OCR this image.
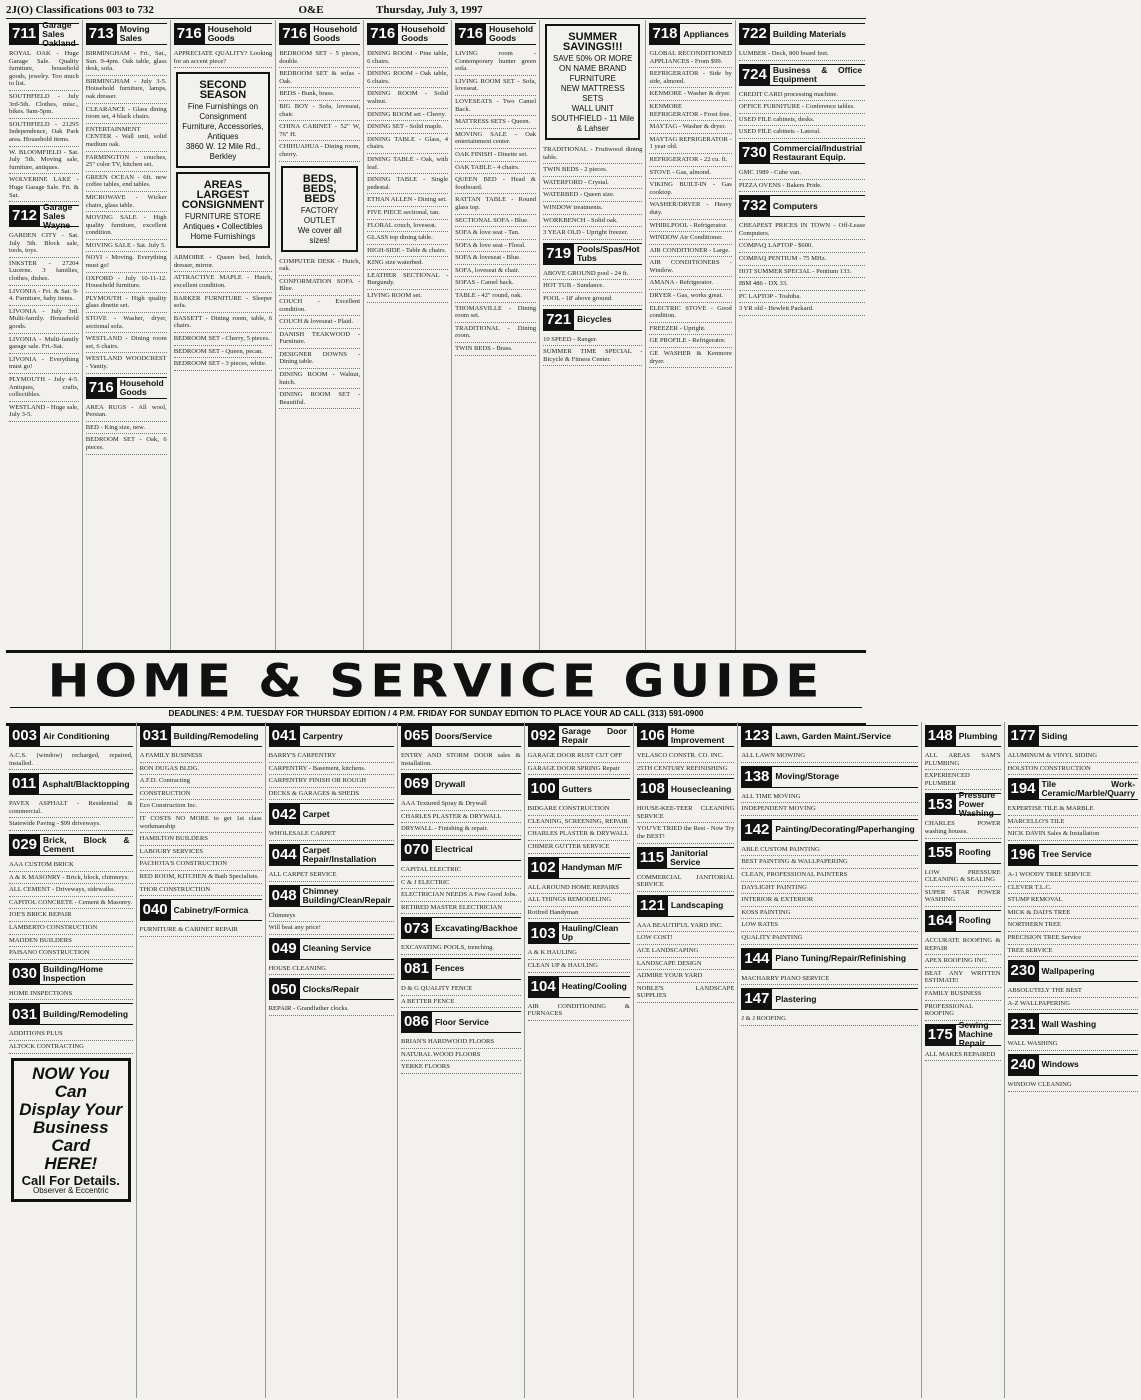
2J(O) Classifications 003 to 732	O&E	Thursday, July 3, 1997
711
Garage Sales Oakland

ROYAL OAK - Huge Garage Sale. Quality furniture, household goods, jewelry. Too much to list.

SOUTHFIELD - July 3rd-5th. Clothes, misc., bikes. 9am-5pm.

SOUTHFIELD - 21295 Independence, Oak Park area. Household items.

W. BLOOMFIELD - Sat. July 5th. Moving sale, furniture, antiques.

WOLVERINE LAKE - Huge Garage Sale. Fri. & Sat.

712
Garage Sales Wayne

GARDEN CITY - Sat. July 5th. Block sale, tools, toys.

INKSTER - 27204 Lucerne. 3 families, clothes, dishes.

LIVONIA - Fri. & Sat. 9-4. Furniture, baby items.

LIVONIA - July 3rd. Multi-family. Household goods.

LIVONIA - Multi-family garage sale. Fri.-Sat.

LIVONIA - Everything must go!

PLYMOUTH - July 4-5. Antiques, crafts, collectibles.

WESTLAND - Huge sale, July 3-5.

713 Moving Sales

BIRMINGHAM - Fri., Sat., Sun. 9-4pm. Oak table, glass desk, sofa.

BIRMINGHAM - July 3-5. Household furniture, lamps, oak dresser.

CLEARANCE - Glass dining room set, 4 black chairs.

ENTERTAINMENT CENTER - Wall unit, solid medium oak.

FARMINGTON - couches, 25" color TV, kitchen set.

GREEN OCEAN - 6ft. new coffee tables, end tables.

MICROWAVE - Wicker chairs, glass table.

MOVING SALE - High quality furniture, excellent condition.

MOVING SALE - Sat. July 5.

NOVI - Moving. Everything must go!

OXFORD - July 10-11-12. Household furniture.

PLYMOUTH - High quality glass dinette set.

STOVE - Washer, dryer, sectional sofa.

WESTLAND - Dining room set, 6 chairs.

WESTLAND WOODCREST - Vanity.

716 Household Goods

AREA RUGS - All wool, Persian.

BED - King size, new.

BEDROOM SET - Oak, 6 pieces.

716 Household Goods

APPRECIATE QUALITY? Looking for an accent piece?

SECOND SEASON
Fine Furnishings on Consignment
Furniture, Accessories, Antiques
3860 W. 12 Mile Rd., Berkley
AREAS LARGEST CONSIGNMENT
FURNITURE STORE
Antiques • Collectibles
Home Furnishings

ARMOIRE - Queen bed, hutch, dresser, mirror.

ATTRACTIVE MAPLE - Hutch, excellent condition.

BARKER FURNITURE - Sleeper sofa.

BASSETT - Dining room, table, 6 chairs.

BEDROOM SET - Cherry, 5 pieces.

BEDROOM SET - Queen, pecan.

BEDROOM SET - 3 pieces, white.

716 Household Goods

BEDROOM SET - 5 pieces, double.

BEDROOM SET & sofas - Oak.

BEDS - Bunk, brass.

BIG BOY - Sofa, loveseat, chair.

CHINA CABINET - 52" W, 76" H.

CHIHUAHUA - Dining room, cherry.

BEDS, BEDS, BEDS
FACTORY OUTLET
We cover all sizes!

COMPUTER DESK - Hutch, oak.

CONFORMATION SOFA - Blue.

COUCH - Excellent condition.

COUCH & loveseat - Plaid.

DANISH TEAKWOOD - Furniture.

DESIGNER DOWNS - Dining table.

DINING ROOM - Walnut, hutch.

DINING ROOM SET - Beautiful.

716 Household Goods

DINING ROOM - Pine table, 6 chairs.

DINING ROOM - Oak table, 6 chairs.

DINING ROOM - Solid walnut.

DINING ROOM set - Cherry.

DINING SET - Solid maple.

DINING TABLE - Glass, 4 chairs.

DINING TABLE - Oak, with leaf.

DINING TABLE - Single pedestal.

ETHAN ALLEN - Dining set.

FIVE PIECE sectional, tan.

FLORAL couch, loveseat.

GLASS top dining table.

HIGH-SIDE - Table & chairs.

KING size waterbed.

LEATHER SECTIONAL - Burgundy.

LIVING ROOM set.

716 Household Goods

LIVING room - Contemporary hunter green sofa.

LIVING ROOM SET - Sofa, loveseat.

LOVESEATS - Two Camel Back.

MATTRESS SETS - Queen.

MOVING SALE - Oak entertainment center.

OAK FINISH - Dinette set.

OAK TABLE - 4 chairs.

QUEEN BED - Head & footboard.

RATTAN TABLE - Round glass top.

SECTIONAL SOFA - Blue.

SOFA & love seat - Tan.

SOFA & love seat - Floral.

SOFA & loveseat - Blue.

SOFA, loveseat & chair.

SOFAS - Camel back.

TABLE - 42" round, oak.

THOMASVILLE - Dining room set.

TRADITIONAL - Dining room.

TWIN BEDS - Brass.

SUMMER SAVINGS!!!
SAVE 50% OR MORE ON NAME BRAND FURNITURE
NEW MATTRESS SETS
WALL UNIT
SOUTHFIELD - 11 Mile & Lahser

TRADITIONAL - Fruitwood dining table.

TWIN BEDS - 2 pieces.

WATERFORD - Crystal.

WATERBED - Queen size.

WINDOW treatments.

WORKBENCH - Solid oak.

3 YEAR OLD - Upright freezer.

719 Pools/Spas/Hot Tubs

ABOVE GROUND pool - 24 ft.

HOT TUB - Sundance.

POOL - 18' above ground.

721 Bicycles

10 SPEED - Ranger.

SUMMER TIME SPECIAL - Bicycle & Fitness Center.

718 Appliances

GLOBAL RECONDITIONED APPLIANCES - From $99.

REFRIGERATOR - Side by side, almond.

KENMORE - Washer & dryer.

KENMORE REFRIGERATOR - Frost free.

MAYTAG - Washer & dryer.

MAYTAG REFRIGERATOR - 1 year old.

REFRIGERATOR - 22 cu. ft.

STOVE - Gas, almond.

VIKING BUILT-IN - Gas cooktop.

WASHER/DRYER - Heavy duty.

WHIRLPOOL - Refrigerator.

WINDOW Air Conditioner.

AIR CONDITIONER - Large.

AIR CONDITIONERS - Window.

AMANA - Refrigerator.

DRYER - Gas, works great.

ELECTRIC STOVE - Good condition.

FREEZER - Upright.

GE PROFILE - Refrigerator.

GE WASHER & Kenmore dryer.

722 Building Materials

LUMBER - Deck, 800 board feet.

724 Business & Office Equipment

CREDIT CARD processing machine.

OFFICE FURNITURE - Conference tables.

USED FILE cabinets, desks.

USED FILE cabinets - Lateral.

730 Commercial/Industrial Restaurant Equip.

GMC 1989 - Cube van.

PIZZA OVENS - Bakers Pride.

732 Computers

CHEAPEST PRICES IN TOWN - Off-Lease Computers.

COMPAQ LAPTOP - $600.

COMPAQ PENTIUM - 75 MHz.

HOT SUMMER SPECIAL - Pentium 133.

IBM 486 - DX 33.

PC LAPTOP - Toshiba.

3 YR old - Hewlett Packard.

HOME & SERVICE GUIDE
DEADLINES: 4 P.M. TUESDAY FOR THURSDAY EDITION / 4 P.M. FRIDAY FOR SUNDAY EDITION TO PLACE YOUR AD CALL (313) 591-0900
003 Air Conditioning

A.C.S. (window) recharged, repaired, installed.

011 Asphalt/Blacktopping

PAVEX ASPHALT - Residential & commercial.

Statewide Paving - $99 driveways.

029 Brick, Block & Cement

AAA CUSTOM BRICK

A & K MASONRY - Brick, block, chimneys.

ALL CEMENT - Driveways, sidewalks.

CAPITOL CONCRETE - Cement & Masonry.

JOE'S BRICK REPAIR

LAMBERTO CONSTRUCTION

MADDEN BUILDERS

PAISANO CONSTRUCTION

030 Building/Home Inspection

HOME INSPECTIONS

031 Building/Remodeling

ADDITIONS PLUS

ALTOCK CONTRACTING

NOW You Can
Display Your
Business Card
HERE!
Call For Details.
Observer & Eccentric
031 Building/Remodeling

A FAMILY BUSINESS

RON DUGAS BLDG.

A.F.D. Contracting

CONSTRUCTION

Eco Construction Inc.

IT COSTS NO MORE to get 1st class workmanship

HAMILTON BUILDERS

LABOURY SERVICES

PACHOTA'S CONSTRUCTION

RED ROOM, KITCHEN & Bath Specialists.

THOR CONSTRUCTION

040 Cabinetry/Formica

FURNITURE & CABINET REPAIR

041 Carpentry

BARRY'S CARPENTRY

CARPENTRY - Basement, kitchens.

CARPENTRY FINISH OR ROUGH

DECKS & GARAGES & SHEDS

042 Carpet

WHOLESALE CARPET

044 Carpet Repair/Installation

ALL CARPET SERVICE

048 Chimney Building/Clean/Repair

Chimneys

Will beat any price!

049 Cleaning Service

HOUSE CLEANING

050 Clocks/Repair

REPAIR - Grandfather clocks.

065 Doors/Service

ENTRY AND STORM DOOR sales & installation.

069 Drywall

AAA Textured Spray & Drywall

CHARLES PLASTER & DRYWALL

DRYWALL - Finishing & repair.

070 Electrical

CAPITAL ELECTRIC

C & J ELECTRIC

ELECTRICIAN NEEDS A Few Good Jobs.

RETIRED MASTER ELECTRICIAN

073 Excavating/Backhoe

EXCAVATING POOLS, trenching.

081 Fences

D & G QUALITY FENCE

A BETTER FENCE

086 Floor Service

BRIAN'S HARDWOOD FLOORS

NATURAL WOOD FLOORS

YERKE FLOORS

092 Garage Door Repair

GARAGE DOOR RUST CUT OFF

GARAGE DOOR SPRING Repair

100 Gutters

BIDGARE CONSTRUCTION

CLEANING, SCREENING, REPAIR

CHARLES PLASTER & DRYWALL

CHIMER GUTTER SERVICE

102 Handyman M/F

ALL AROUND HOME REPAIRS

ALL THINGS REMODELING

Rotfred Handyman

103 Hauling/Clean Up

A & K HAULING

CLEAN UP & HAULING

104 Heating/Cooling

AIR CONDITIONING & FURNACES

106 Home Improvement

VELASCO CONSTR. CO. INC.

25TH CENTURY REFINISHING

108 Housecleaning

HOUSE-KEE-TEER CLEANING SERVICE

YOU'VE TRIED the Rest - Now Try the BEST!

115 Janitorial Service

COMMERCIAL JANITORIAL SERVICE

121 Landscaping

AAA BEAUTIFUL YARD INC.

LOW COST!

ACE LANDSCAPING

LANDSCAPE DESIGN

ADMIRE YOUR YARD

NOBLE'S LANDSCAPE SUPPLIES

123 Lawn, Garden Maint./Service

ALL LAWN MOWING

138 Moving/Storage

ALL TIME MOVING

INDEPENDENT MOVING

142 Painting/Decorating/Paperhanging

ABLE CUSTOM PAINTING

BEST PAINTING & WALLPAPERING

CLEAN, PROFESSIONAL PAINTERS

DAYLIGHT PAINTING

INTERIOR & EXTERIOR

KOSS PAINTING

LOW RATES

QUALITY PAINTING

144 Piano Tuning/Repair/Refinishing

MACHARRY PIANO SERVICE

147 Plastering

J & J ROOFING

148 Plumbing

ALL AREAS SAM'S PLUMBING

EXPERIENCED PLUMBER

153
Pressure Power Washing

CHARLES POWER washing houses.

155 Roofing

LOW PRESSURE CLEANING & SEALING

SUPER STAR POWER WASHING

164 Roofing

ACCURATE ROOFING & REPAIR

APEX ROOFING INC.

BEAT ANY WRITTEN ESTIMATE!

FAMILY BUSINESS

PROFESSIONAL ROOFING

175
Sewing Machine Repair

ALL MAKES REPAIRED

177 Siding

ALUMINUM & VINYL SIDING

HOLSTON CONSTRUCTION

194 Tile Work-Ceramic/Marble/Quarry

EXPERTISE TILE & MARBLE

MARCELLO'S TILE

NICK DAVIN Sales & Installation

196 Tree Service

A-1 WOODY TREE SERVICE

CLEVER T.L.C.

STUMP REMOVAL

MICK & DAD'S TREE

NORTHERN TREE

PRECISION TREE Service

TREE SERVICE

230 Wallpapering

ABSOLUTELY THE BEST

A-Z WALLPAPERING

231 Wall Washing

WALL WASHING

240 Windows

WINDOW CLEANING
